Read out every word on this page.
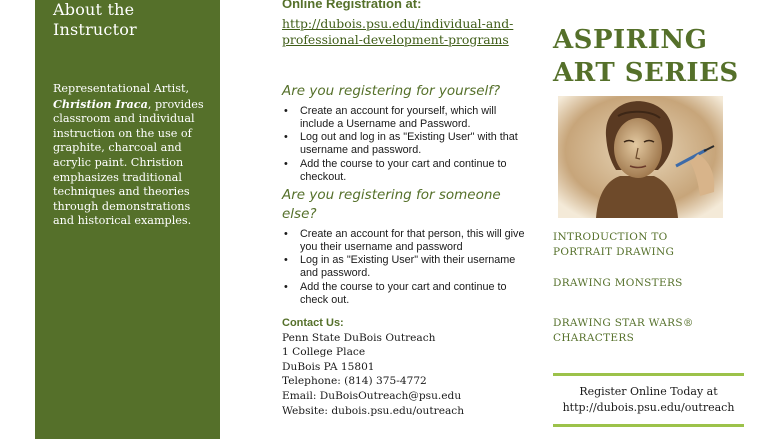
About the
Instructor
Representational Artist, Christion Iraca, provides classroom and individual instruction on the use of graphite, charcoal and acrylic paint. Christion emphasizes traditional techniques and theories through demonstrations and historical examples.
Online Registration at:
http://dubois.psu.edu/individual-and-professional-development-programs
Are you registering for yourself?
• Create an account for yourself, which will include a Username and Password.
• Log out and log in as "Existing User" with that username and password.
• Add the course to your cart and continue to checkout.
Are you registering for someone else?
• Create an account for that person, this will give you their username and password
• Log in as "Existing User" with their username and password.
• Add the course to your cart and continue to check out.
Contact Us:
Penn State DuBois Outreach
1 College Place
DuBois PA 15801
Telephone: (814) 375-4772
Email: DuBoisOutreach@psu.edu
Website: dubois.psu.edu/outreach
ASPIRING
ART SERIES
INTRODUCTION TO
PORTRAIT DRAWING
DRAWING MONSTERS
DRAWING STAR WARS®
CHARACTERS
Register Online Today at
http://dubois.psu.edu/outreach
